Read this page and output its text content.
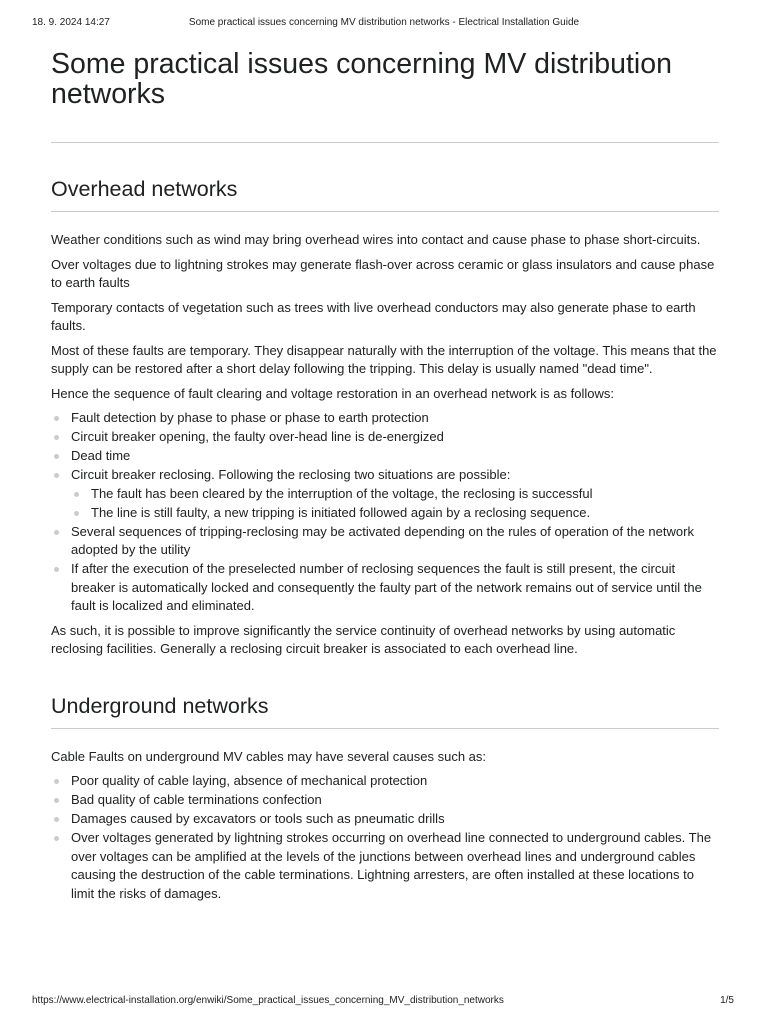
18. 9. 2024 14:27	Some practical issues concerning MV distribution networks - Electrical Installation Guide
Some practical issues concerning MV distribution networks
Overhead networks

Weather conditions such as wind may bring overhead wires into contact and cause phase to phase short-circuits.

Over voltages due to lightning strokes may generate flash-over across ceramic or glass insulators and cause phase to earth faults

Temporary contacts of vegetation such as trees with live overhead conductors may also generate phase to earth faults.

Most of these faults are temporary. They disappear naturally with the interruption of the voltage. This means that the supply can be restored after a short delay following the tripping. This delay is usually named "dead time".

Hence the sequence of fault clearing and voltage restoration in an overhead network is as follows:

Fault detection by phase to phase or phase to earth protection
Circuit breaker opening, the faulty over-head line is de-energized
Dead time
Circuit breaker reclosing. Following the reclosing two situations are possible:
The fault has been cleared by the interruption of the voltage, the reclosing is successful
The line is still faulty, a new tripping is initiated followed again by a reclosing sequence.
Several sequences of tripping-reclosing may be activated depending on the rules of operation of the network adopted by the utility
If after the execution of the preselected number of reclosing sequences the fault is still present, the circuit breaker is automatically locked and consequently the faulty part of the network remains out of service until the fault is localized and eliminated.

As such, it is possible to improve significantly the service continuity of overhead networks by using automatic reclosing facilities. Generally a reclosing circuit breaker is associated to each overhead line.

Underground networks

Cable Faults on underground MV cables may have several causes such as:

Poor quality of cable laying, absence of mechanical protection
Bad quality of cable terminations confection
Damages caused by excavators or tools such as pneumatic drills
Over voltages generated by lightning strokes occurring on overhead line connected to underground cables. The over voltages can be amplified at the levels of the junctions between overhead lines and underground cables causing the destruction of the cable terminations. Lightning arresters, are often installed at these locations to limit the risks of damages.
https://www.electrical-installation.org/enwiki/Some_practical_issues_concerning_MV_distribution_networks	1/5
